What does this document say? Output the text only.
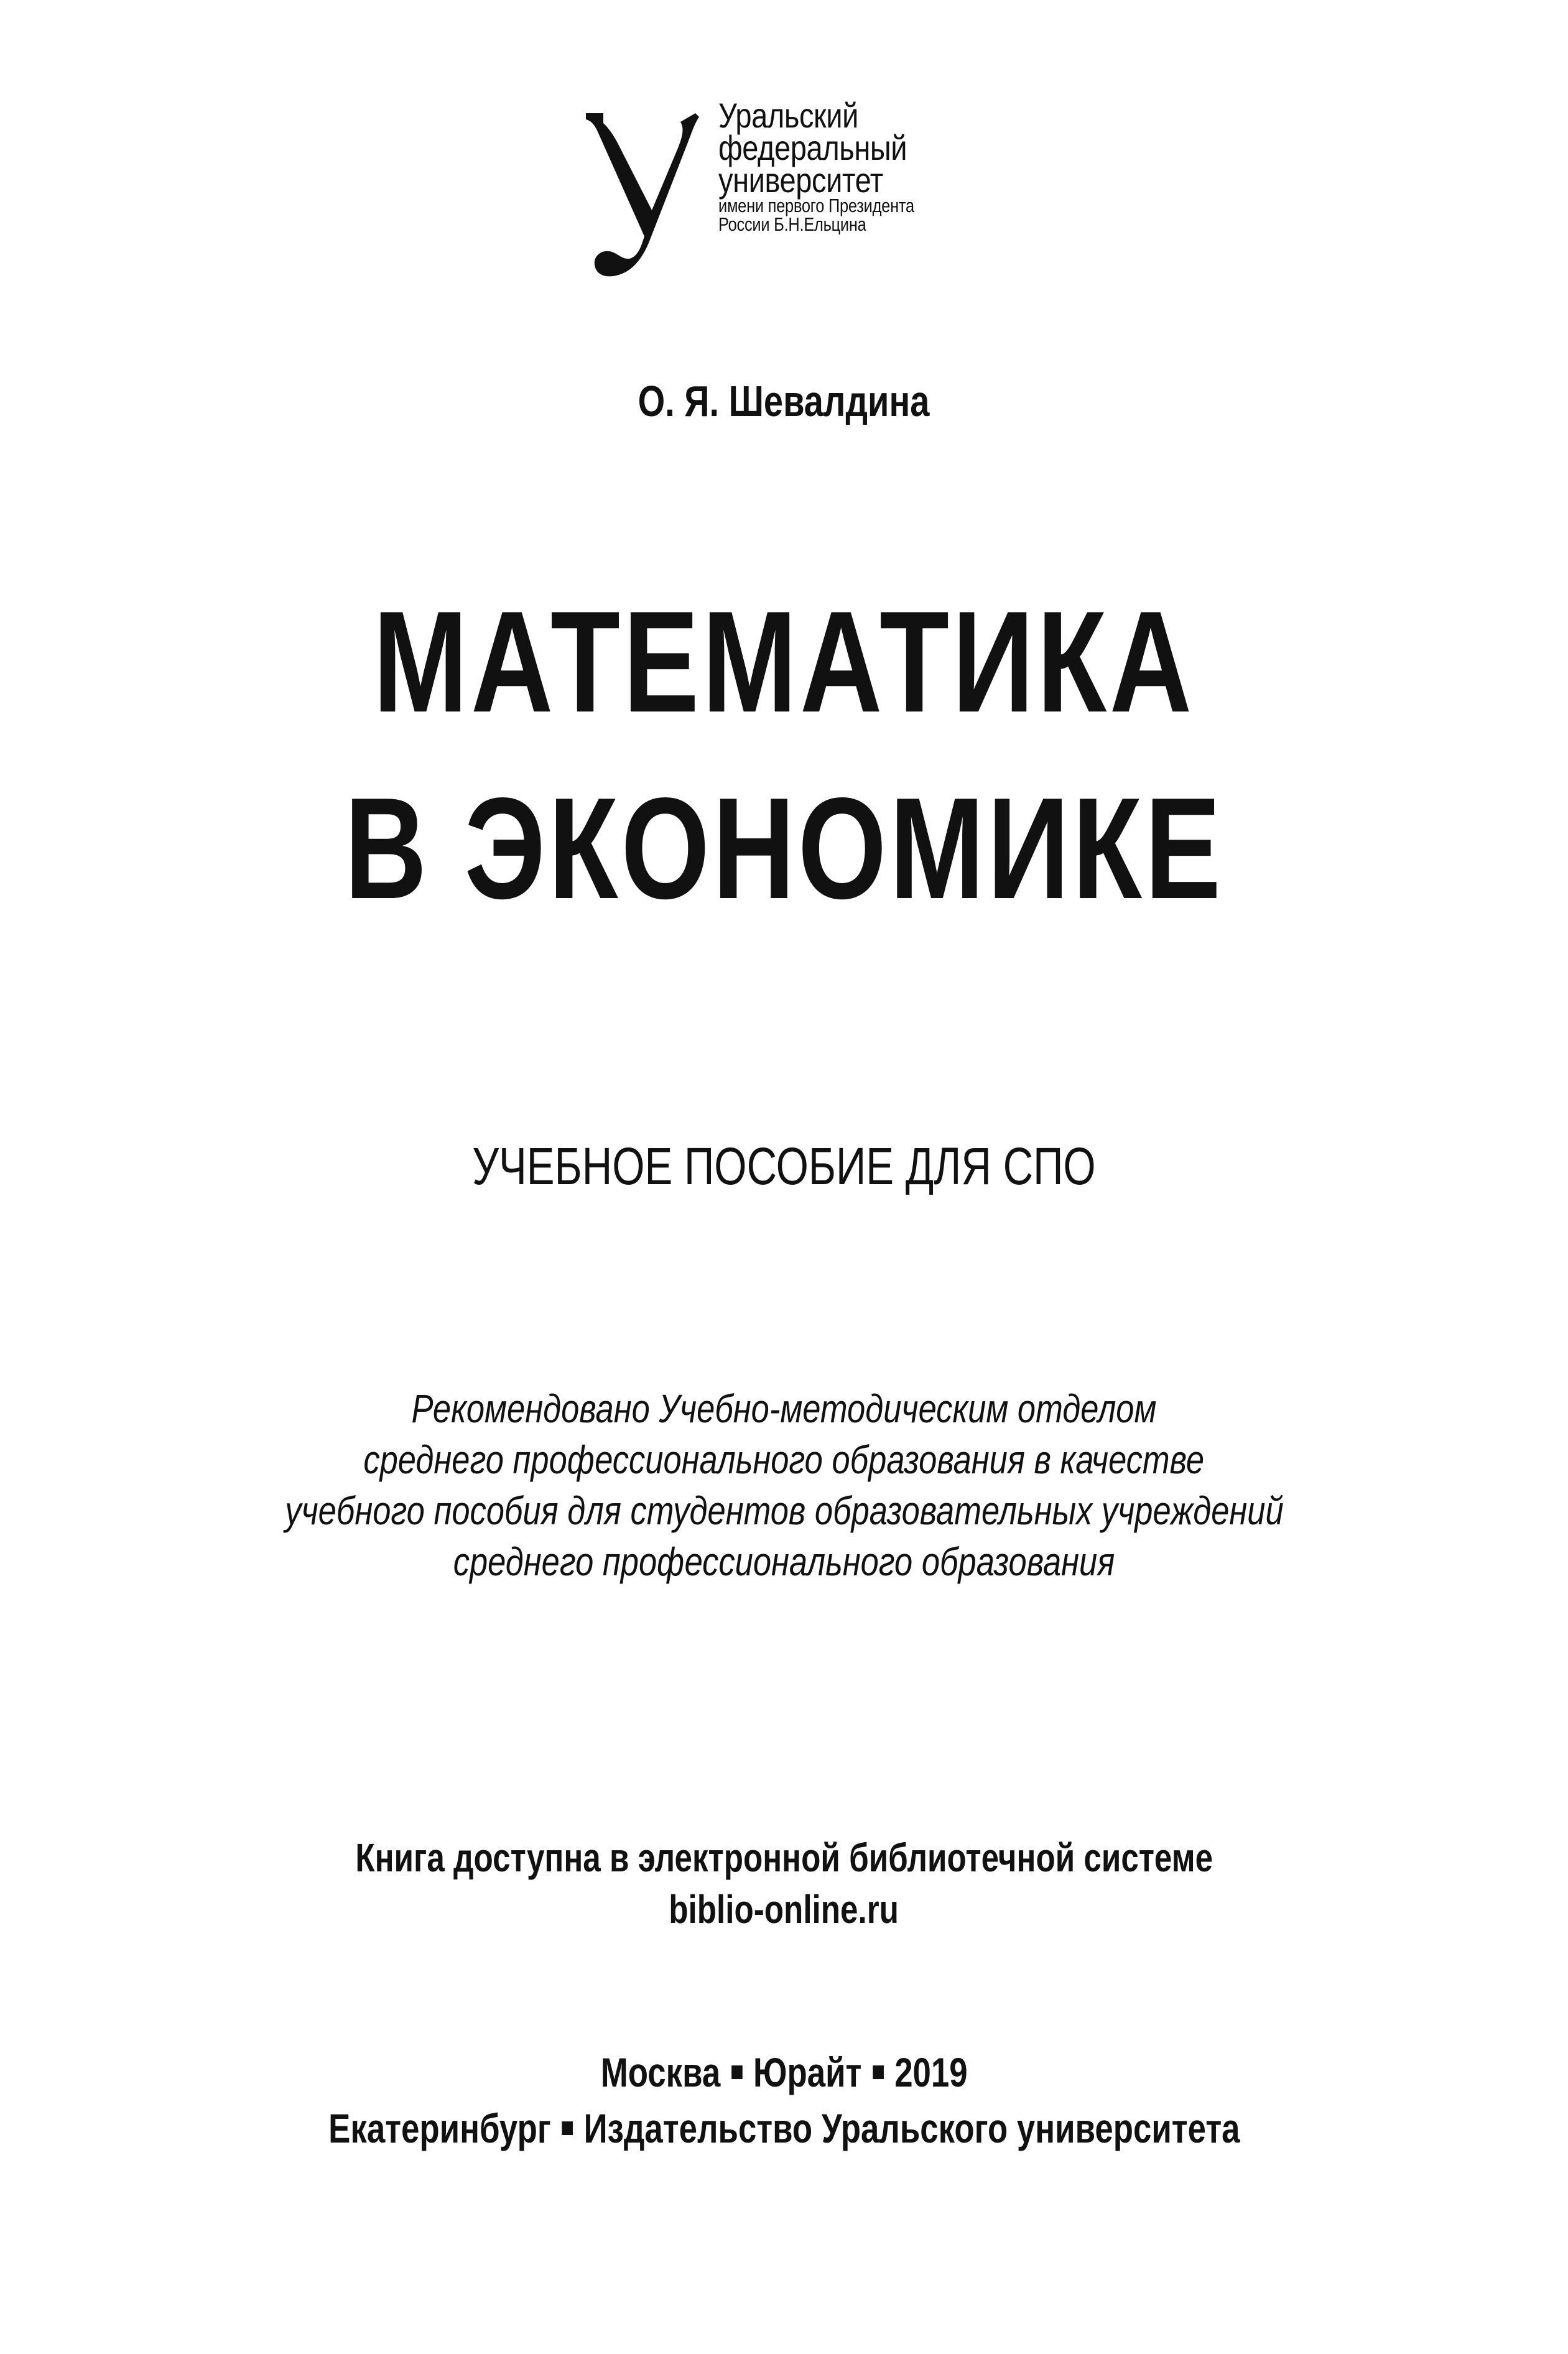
Уральский
федеральный
университет
имени первого Президента
России Б.Н.Ельцина
О. Я. Шевалдина
МАТЕМАТИКА
В ЭКОНОМИКЕ
УЧЕБНОЕ ПОСОБИЕ ДЛЯ СПО
Рекомендовано Учебно-методическим отделом
среднего профессионального образования в качестве
учебного пособия для студентов образовательных учреждений
среднего профессионального образования
Книга доступна в электронной библиотечной системе
biblio-online.ru
Москва Юрайт 2019
Екатеринбург Издательство Уральского университета
